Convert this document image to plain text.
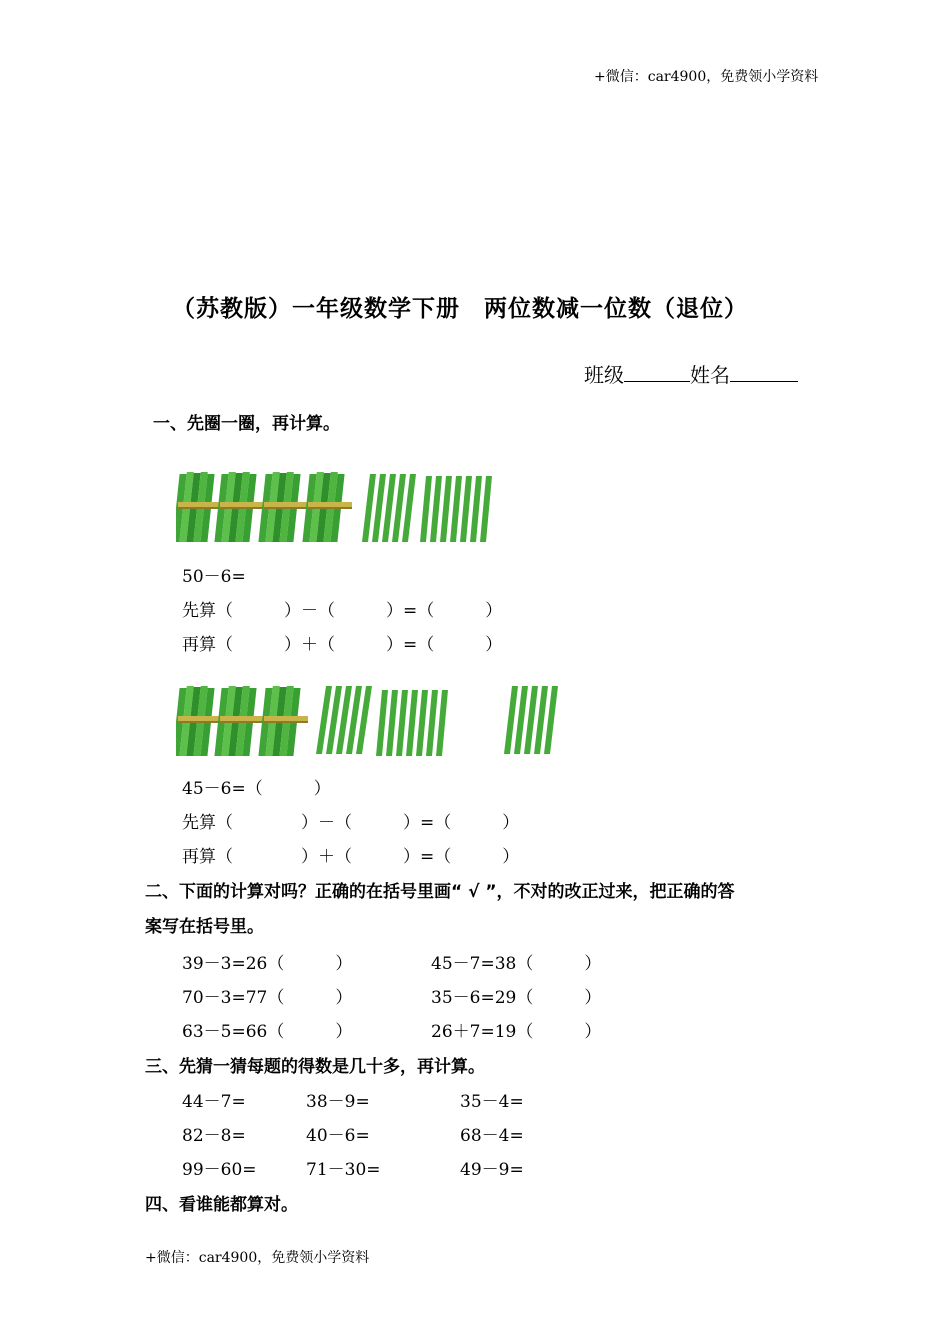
+微信：car4900，免费领小学资料
（苏教版）一年级数学下册　两位数减一位数（退位）
班级	姓名
一、先圈一圈，再计算。
50－6=
先算（　　　）－（　　　）=（　　　）
再算（　　　）＋（　　　）=（　　　）
45－6=（　　　）
先算（　　　　）－（　　　）=（　　　）
再算（　　　　）＋（　　　）=（　　　）
二、下面的计算对吗？正确的在括号里画“ √ ”，不对的改正过来，把正确的答
案写在括号里。
39－3=26（　　　）	45－7=38（　　　）
70－3=77（　　　）	35－6=29（　　　）
63－5=66（　　　）	26＋7=19（　　　）
三、先猜一猜每题的得数是几十多，再计算。
44－7=	38－9=	35－4=
82－8=	40－6=	68－4=
99－60=	71－30=	49－9=
四、看谁能都算对。
+微信：car4900，免费领小学资料
